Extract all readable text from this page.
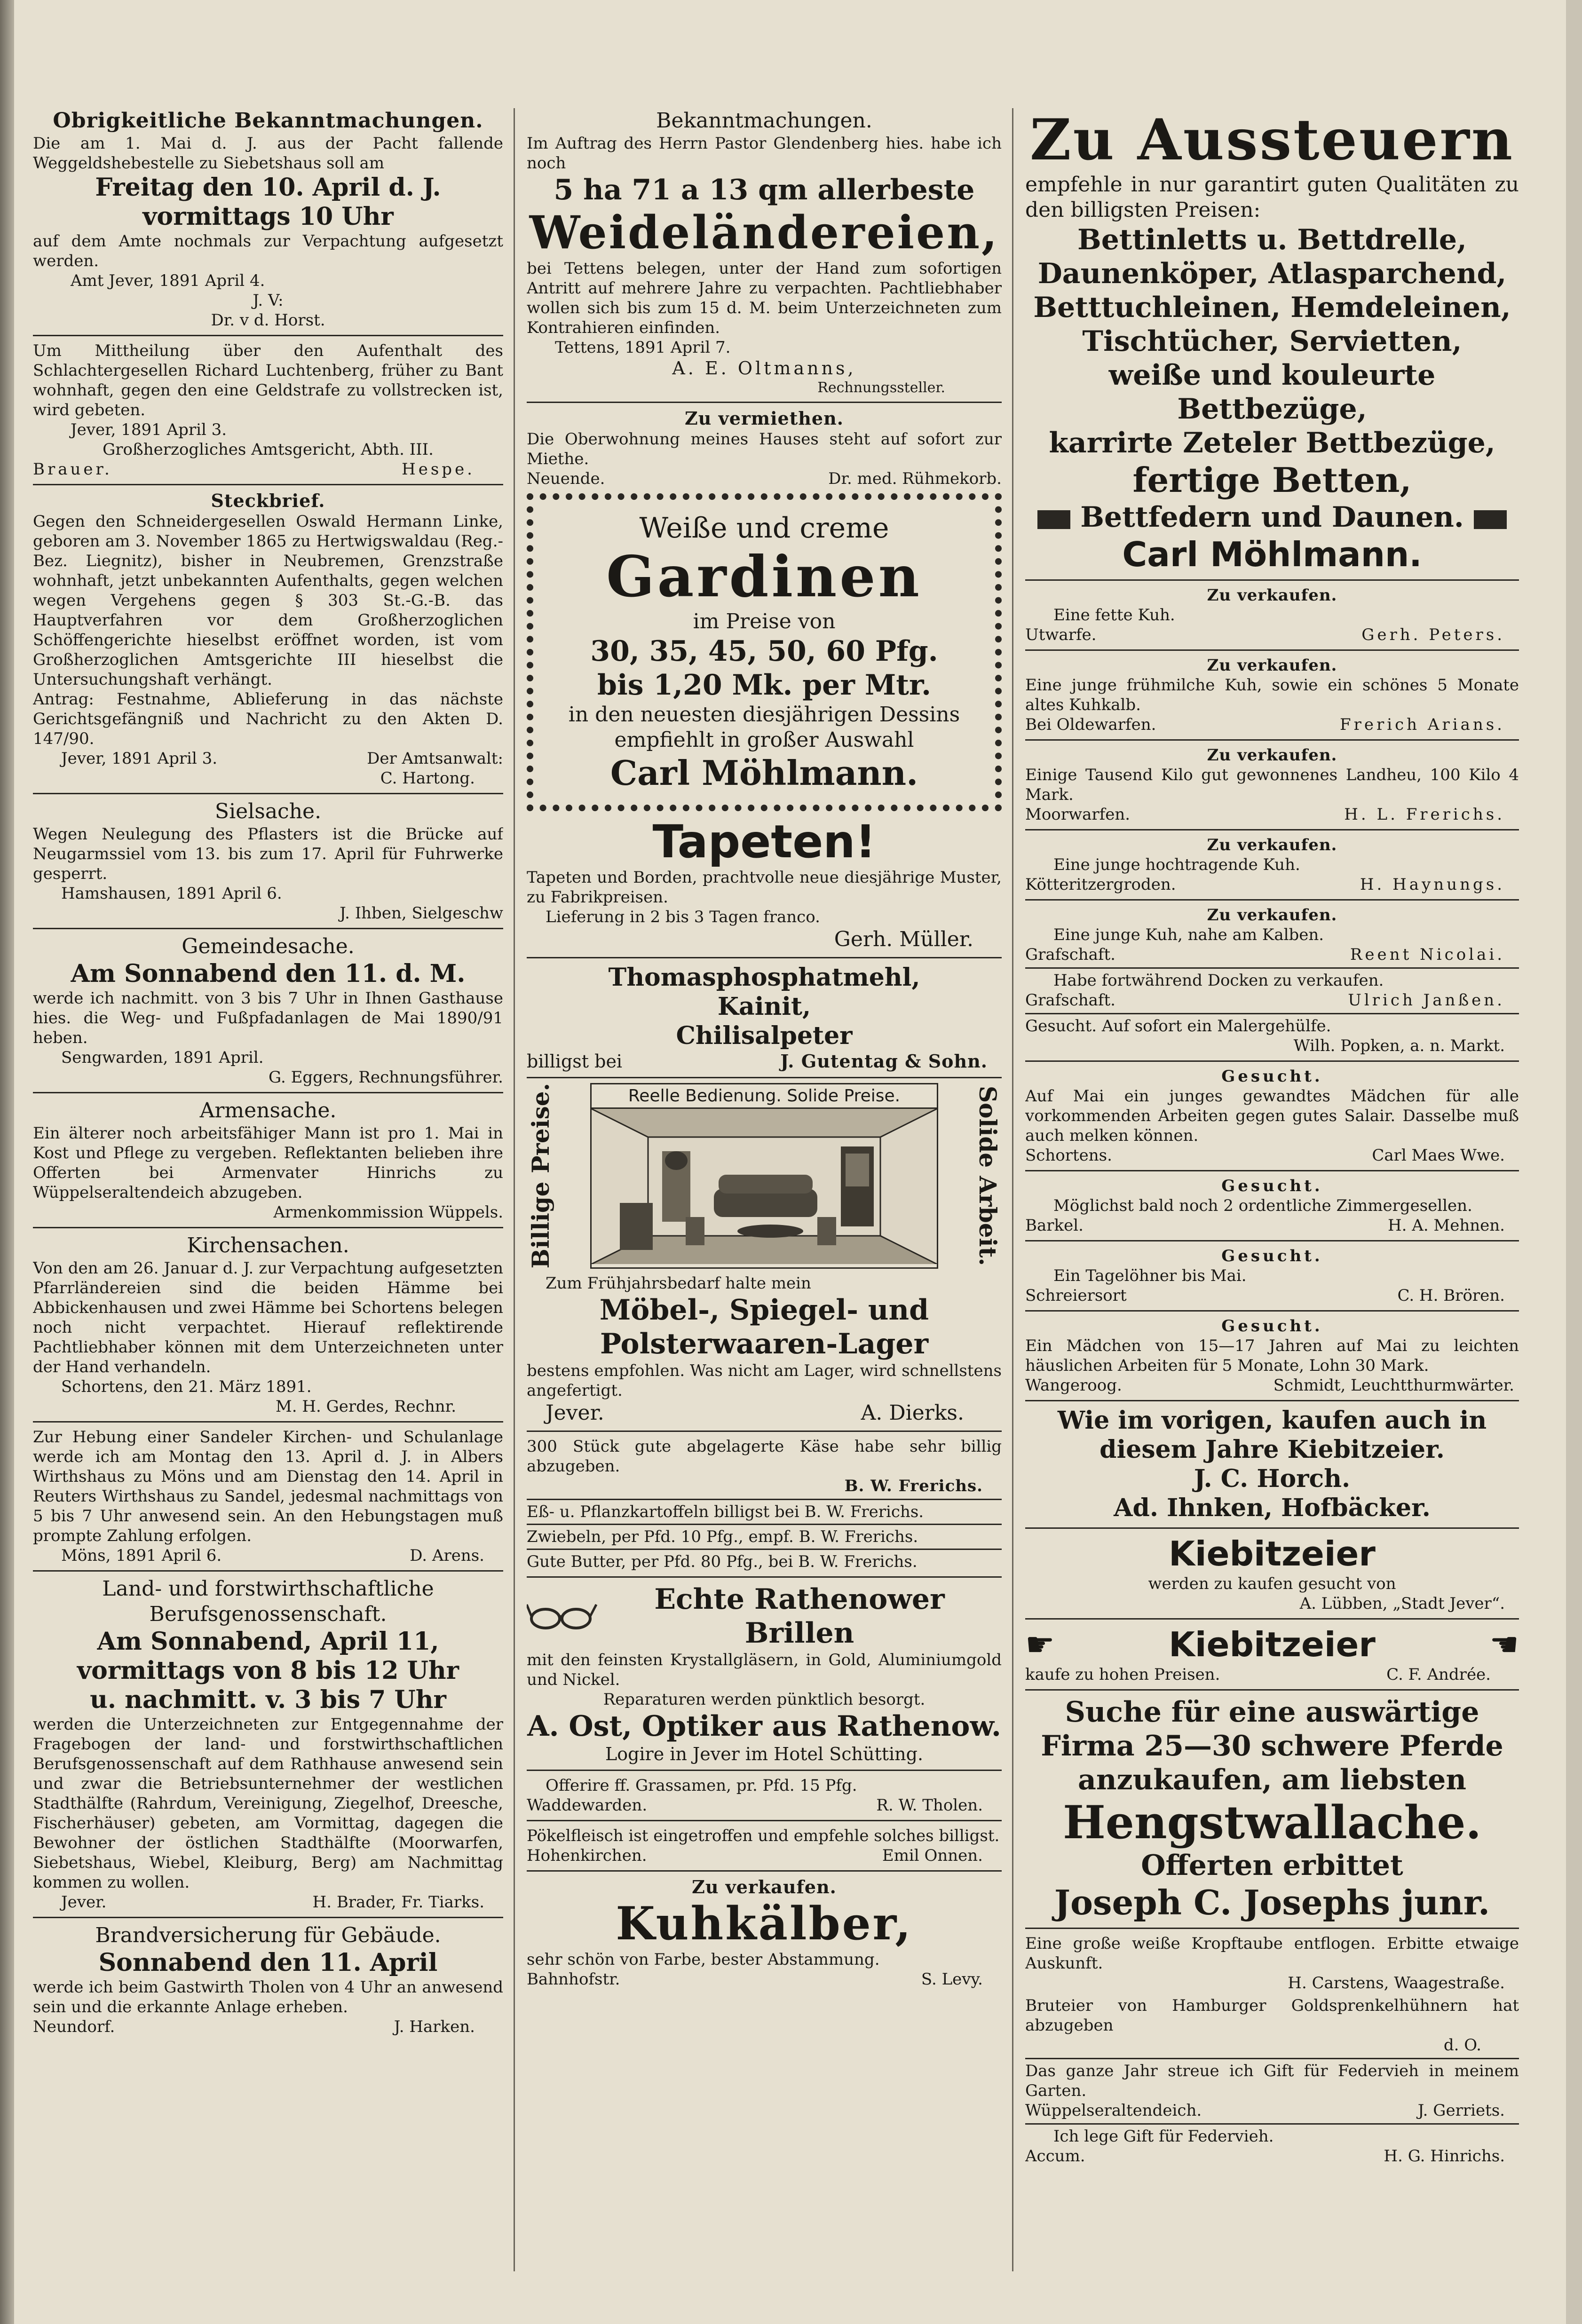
Obrigkeitliche Bekanntmachungen.

Die am 1. Mai d. J. aus der Pacht fallende Weggeldshebestelle zu Siebetshaus soll am

Freitag den 10. April d. J.

vormittags 10 Uhr

auf dem Amte nochmals zur Verpachtung aufgesetzt werden.

Amt Jever, 1891 April 4.

J. V:

Dr. v d. Horst.

Um Mittheilung über den Aufenthalt des Schlachtergesellen Richard Luchtenberg, früher zu Bant wohnhaft, gegen den eine Geldstrafe zu vollstrecken ist, wird gebeten.

Jever, 1891 April 3.

Großherzogliches Amtsgericht, Abth. III.

Brauer.	Hespe.

Steckbrief.

Gegen den Schneidergesellen Oswald Hermann Linke, geboren am 3. November 1865 zu Hertwigswaldau (Reg.-Bez. Liegnitz), bisher in Neubremen, Grenzstraße wohnhaft, jetzt unbekannten Aufenthalts, gegen welchen wegen Vergehens gegen § 303 St.-G.-B. das Hauptverfahren vor dem Großherzoglichen Schöffengerichte hieselbst eröffnet worden, ist vom Großherzoglichen Amtsgerichte III hieselbst die Untersuchungshaft verhängt.

Antrag: Festnahme, Ablieferung in das nächste Gerichtsgefängniß und Nachricht zu den Akten D. 147/90.

Jever, 1891 April 3.	Der Amtsanwalt:

C. Hartong.

Sielsache.

Wegen Neulegung des Pflasters ist die Brücke auf Neugarmssiel vom 13. bis zum 17. April für Fuhrwerke gesperrt.

Hamshausen, 1891 April 6.

J. Ihben, Sielgeschw

Gemeindesache.

Am Sonnabend den 11. d. M.

werde ich nachmitt. von 3 bis 7 Uhr in Ihnen Gasthause hies. die Weg- und Fußpfadanlagen de Mai 1890/91 heben.

Sengwarden, 1891 April.

G. Eggers, Rechnungsführer.

Armensache.

Ein älterer noch arbeitsfähiger Mann ist pro 1. Mai in Kost und Pflege zu vergeben. Reflektanten belieben ihre Offerten bei Armenvater Hinrichs zu Wüppelseraltendeich abzugeben.

Armenkommission Wüppels.

Kirchensachen.

Von den am 26. Januar d. J. zur Verpachtung aufgesetzten Pfarrländereien sind die beiden Hämme bei Abbickenhausen und zwei Hämme bei Schortens belegen noch nicht verpachtet. Hierauf reflektirende Pachtliebhaber können mit dem Unterzeichneten unter der Hand verhandeln.

Schortens, den 21. März 1891.

M. H. Gerdes, Rechnr.

Zur Hebung einer Sandeler Kirchen- und Schulanlage werde ich am Montag den 13. April d. J. in Albers Wirthshaus zu Möns und am Dienstag den 14. April in Reuters Wirthshaus zu Sandel, jedesmal nachmittags von 5 bis 7 Uhr anwesend sein. An den Hebungstagen muß prompte Zahlung erfolgen.

Möns, 1891 April 6.	D. Arens.

Land- und forstwirthschaftliche Berufsgenossenschaft.

Am Sonnabend, April 11,

vormittags von 8 bis 12 Uhr

u. nachmitt. v. 3 bis 7 Uhr

werden die Unterzeichneten zur Entgegennahme der Fragebogen der land- und forstwirthschaftlichen Berufsgenossenschaft auf dem Rathhause anwesend sein und zwar die Betriebsunternehmer der westlichen Stadthälfte (Rahrdum, Vereinigung, Ziegelhof, Dreesche, Fischerhäuser) gebeten, am Vormittag, dagegen die Bewohner der östlichen Stadthälfte (Moorwarfen, Siebetshaus, Wiebel, Kleiburg, Berg) am Nachmittag kommen zu wollen.

Jever.	H. Brader, Fr. Tiarks.

Brandversicherung für Gebäude.

Sonnabend den 11. April

werde ich beim Gastwirth Tholen von 4 Uhr an anwesend sein und die erkannte Anlage erheben.

Neundorf.	J. Harken.

Bekanntmachungen.

Im Auftrag des Herrn Pastor Glendenberg hies. habe ich noch

5 ha 71 a 13 qm allerbeste

Weideländereien,

bei Tettens belegen, unter der Hand zum sofortigen Antritt auf mehrere Jahre zu verpachten. Pachtliebhaber wollen sich bis zum 15 d. M. beim Unterzeichneten zum Kontrahieren einfinden.

Tettens, 1891 April 7.

A. E. Oltmanns,

Rechnungssteller.

Zu vermiethen.

Die Oberwohnung meines Hauses steht auf sofort zur Miethe.

Neuende.	Dr. med. Rühmekorb.

Weiße und creme

Gardinen

im Preise von

30, 35, 45, 50, 60 Pfg.

bis 1,20 Mk. per Mtr.

in den neuesten diesjährigen Dessins

empfiehlt in großer Auswahl

Carl Möhlmann.

Tapeten!

Tapeten und Borden, prachtvolle neue diesjährige Muster, zu Fabrikpreisen.

Lieferung in 2 bis 3 Tagen franco.

Gerh. Müller.

Thomasphosphatmehl,

Kainit,

Chilisalpeter

billigst bei	J. Gutentag & Sohn.
Billige Preise.	Reelle Bedienung. Solide Preise.	Solide Arbeit.

Zum Frühjahrsbedarf halte mein

Möbel-, Spiegel- und Polsterwaaren-Lager

bestens empfohlen. Was nicht am Lager, wird schnellstens angefertigt.

Jever.	A. Dierks.

300 Stück gute abgelagerte Käse habe sehr billig abzugeben.

B. W. Frerichs.

Eß- u. Pflanzkartoffeln billigst bei B. W. Frerichs.

Zwiebeln, per Pfd. 10 Pfg., empf. B. W. Frerichs.

Gute Butter, per Pfd. 80 Pfg., bei B. W. Frerichs.

Echte Rathenower Brillen

mit den feinsten Krystallgläsern, in Gold, Aluminiumgold und Nickel.

Reparaturen werden pünktlich besorgt.

A. Ost, Optiker aus Rathenow.

Logire in Jever im Hotel Schütting.

Offerire ff. Grassamen, pr. Pfd. 15 Pfg.

Waddewarden.	R. W. Tholen.

Pökelfleisch ist eingetroffen und empfehle solches billigst.

Hohenkirchen.	Emil Onnen.

Zu verkaufen.

Kuhkälber,

sehr schön von Farbe, bester Abstammung.

Bahnhofstr.	S. Levy.

Zu Aussteuern

empfehle in nur garantirt guten Qualitäten zu den billigsten Preisen:

Bettinletts u. Bettdrelle,

Daunenköper, Atlasparchend,

Betttuchleinen, Hemdeleinen,

Tischtücher, Servietten,

weiße und kouleurte Bettbezüge,

karrirte Zeteler Bettbezüge,

fertige Betten,

Bettfedern und Daunen.

Carl Möhlmann.

Zu verkaufen.

Eine fette Kuh.

Utwarfe.	Gerh. Peters.

Zu verkaufen.

Eine junge frühmilche Kuh, sowie ein schönes 5 Monate altes Kuhkalb.

Bei Oldewarfen.	Frerich Arians.

Zu verkaufen.

Einige Tausend Kilo gut gewonnenes Landheu, 100 Kilo 4 Mark.

Moorwarfen.	H. L. Frerichs.

Zu verkaufen.

Eine junge hochtragende Kuh.

Kötteritzergroden.	H. Haynungs.

Zu verkaufen.

Eine junge Kuh, nahe am Kalben.

Grafschaft.	Reent Nicolai.

Habe fortwährend Docken zu verkaufen.

Grafschaft.	Ulrich Janßen.

Gesucht. Auf sofort ein Malergehülfe.

Wilh. Popken, a. n. Markt.

Gesucht.

Auf Mai ein junges gewandtes Mädchen für alle vorkommenden Arbeiten gegen gutes Salair. Dasselbe muß auch melken können.

Schortens.	Carl Maes Wwe.

Gesucht.

Möglichst bald noch 2 ordentliche Zimmergesellen.

Barkel.	H. A. Mehnen.

Gesucht.

Ein Tagelöhner bis Mai.

Schreiersort	C. H. Brören.

Gesucht.

Ein Mädchen von 15—17 Jahren auf Mai zu leichten häuslichen Arbeiten für 5 Monate, Lohn 30 Mark.

Wangeroog.	Schmidt, Leuchtthurmwärter.

Wie im vorigen, kaufen auch in diesem Jahre Kiebitzeier.

J. C. Horch.

Ad. Ihnken, Hofbäcker.

Kiebitzeier

werden zu kaufen gesucht von

A. Lübben, „Stadt Jever“.

☛	Kiebitzeier	☚
kaufe zu hohen Preisen.	C. F. Andrée.

Suche für eine auswärtige Firma 25—30 schwere Pferde anzukaufen, am liebsten

Hengstwallache.

Offerten erbittet

Joseph C. Josephs junr.

Eine große weiße Kropftaube entflogen. Erbitte etwaige Auskunft.

H. Carstens, Waagestraße.

Bruteier von Hamburger Goldsprenkelhühnern hat abzugeben

d. O.

Das ganze Jahr streue ich Gift für Federvieh in meinem Garten.

Wüppelseraltendeich.	J. Gerriets.

Ich lege Gift für Federvieh.

Accum.	H. G. Hinrichs.
